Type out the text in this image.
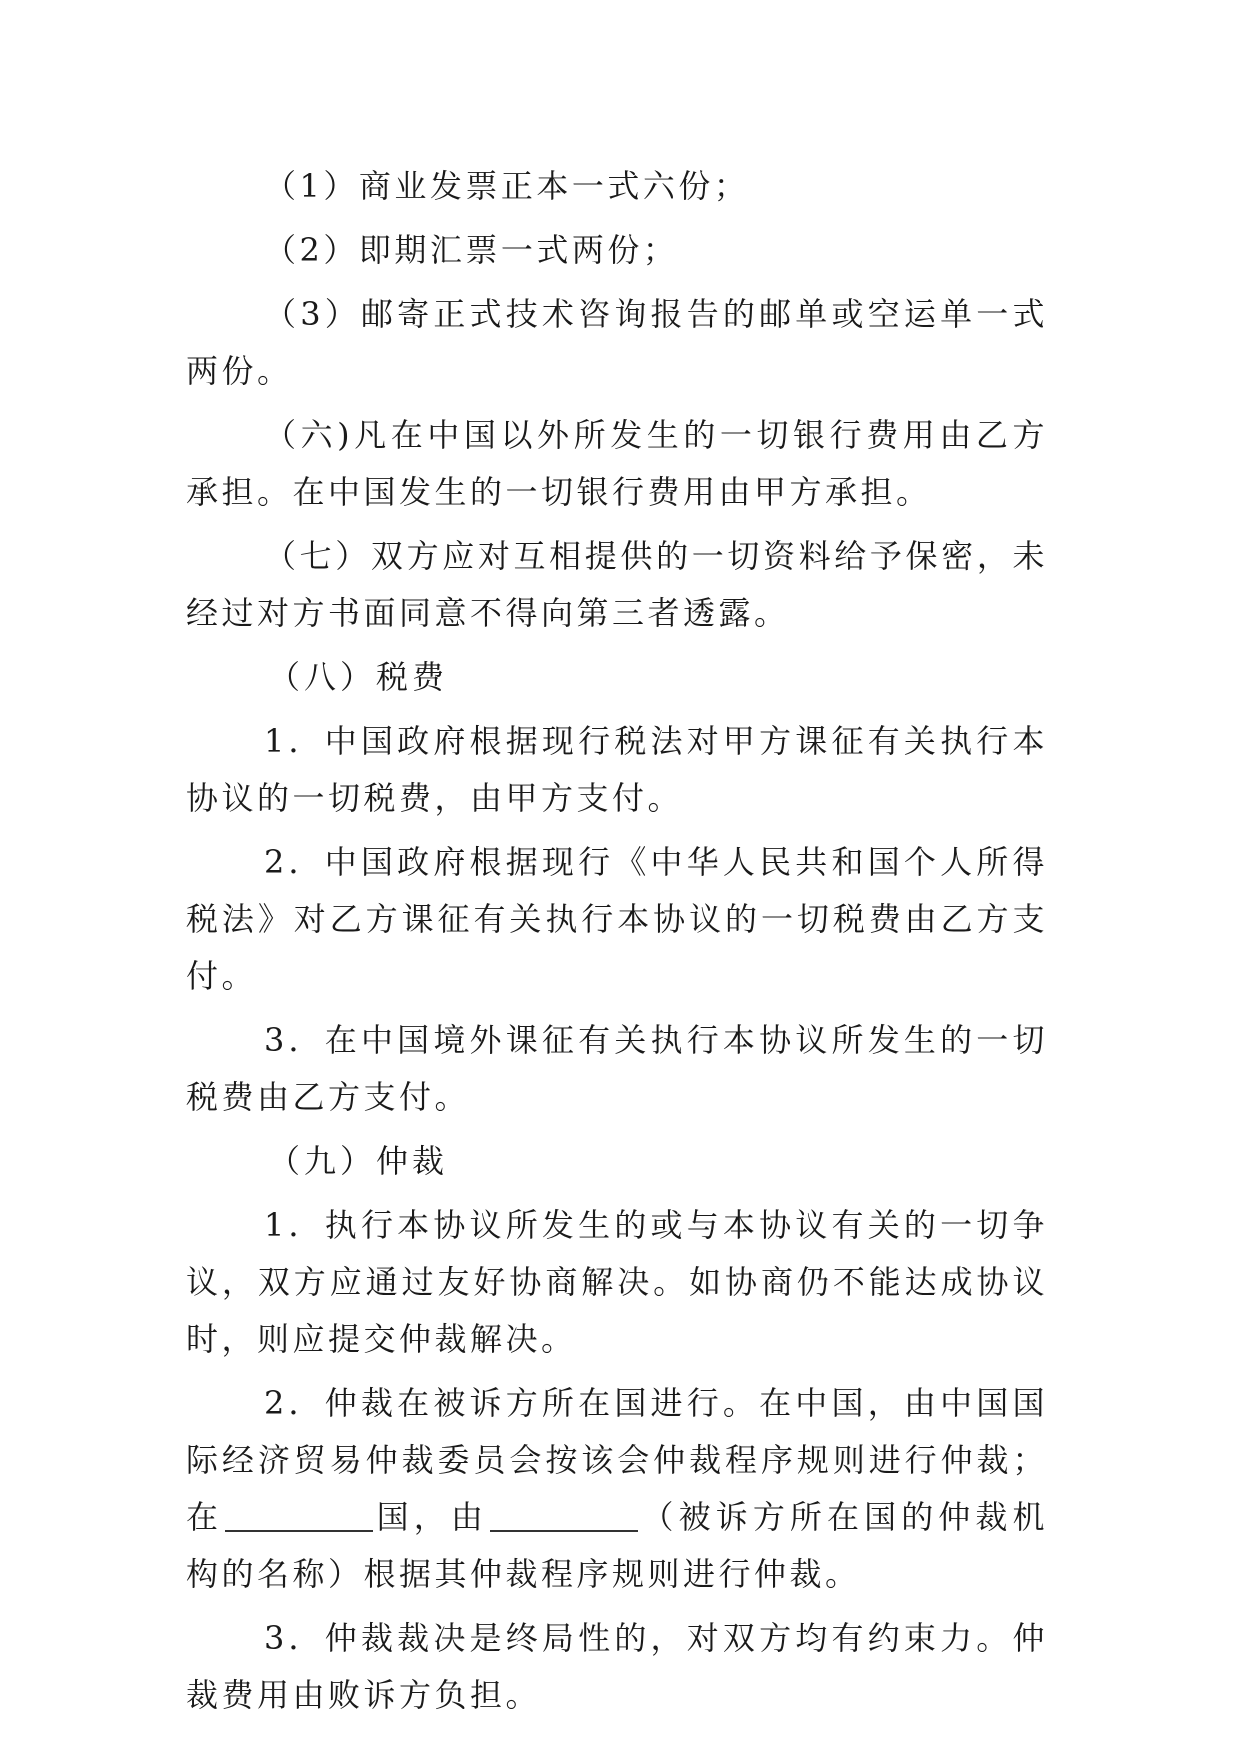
（1）商业发票正本一式六份；

（2）即期汇票一式两份；

（3）邮寄正式技术咨询报告的邮单或空运单一式两份。

（六)凡在中国以外所发生的一切银行费用由乙方承担。在中国发生的一切银行费用由甲方承担。

（七）双方应对互相提供的一切资料给予保密，未经过对方书面同意不得向第三者透露。

（八）税费

1．中国政府根据现行税法对甲方课征有关执行本协议的一切税费，由甲方支付。

2．中国政府根据现行《中华人民共和国个人所得税法》对乙方课征有关执行本协议的一切税费由乙方支付。

3．在中国境外课征有关执行本协议所发生的一切税费由乙方支付。

（九）仲裁

1．执行本协议所发生的或与本协议有关的一切争议，双方应通过友好协商解决。如协商仍不能达成协议时，则应提交仲裁解决。

2．仲裁在被诉方所在国进行。在中国，由中国国际经济贸易仲裁委员会按该会仲裁程序规则进行仲裁；在	国，由	（被诉方所在国的仲裁机构的名称）根据其仲裁程序规则进行仲裁。

3．仲裁裁决是终局性的，对双方均有约束力。仲裁费用由败诉方负担。
